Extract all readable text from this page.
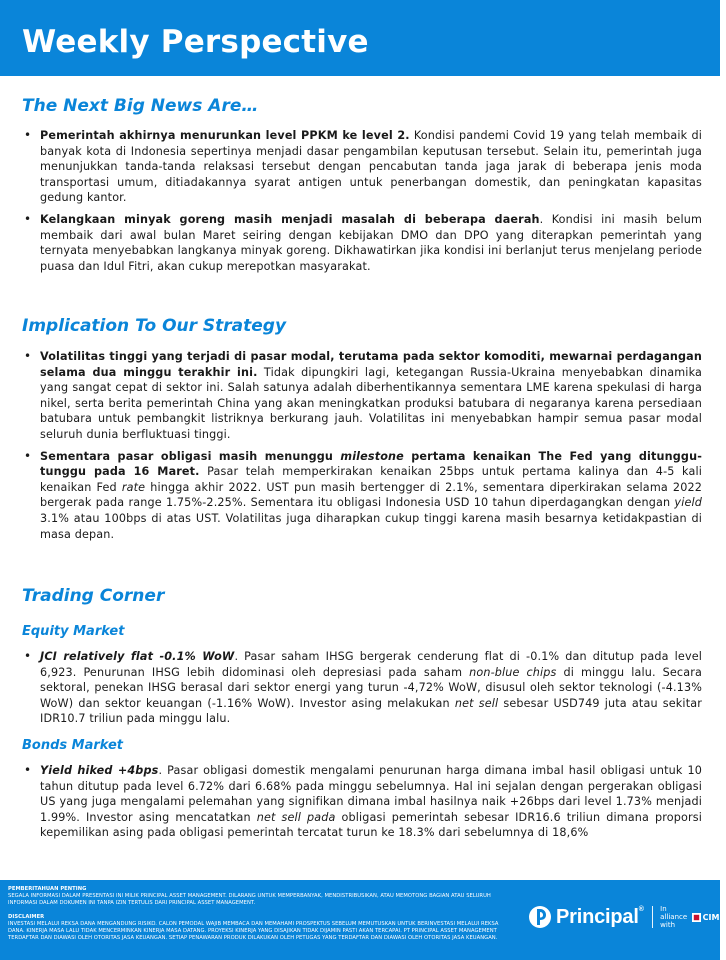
Weekly Perspective
The Next Big News Are…
• Pemerintah akhirnya menurunkan level PPKM ke level 2. Kondisi pandemi Covid 19 yang telah membaik di banyak kota di Indonesia sepertinya menjadi dasar pengambilan keputusan tersebut. Selain itu, pemerintah juga menunjukkan tanda-tanda relaksasi tersebut dengan pencabutan tanda jaga jarak di beberapa jenis moda transportasi umum, ditiadakannya syarat antigen untuk penerbangan domestik, dan peningkatan kapasitas gedung kantor.
• Kelangkaan minyak goreng masih menjadi masalah di beberapa daerah. Kondisi ini masih belum membaik dari awal bulan Maret seiring dengan kebijakan DMO dan DPO yang diterapkan pemerintah yang ternyata menyebabkan langkanya minyak goreng. Dikhawatirkan jika kondisi ini berlanjut terus menjelang periode puasa dan Idul Fitri, akan cukup merepotkan masyarakat.
Implication To Our Strategy
• Volatilitas tinggi yang terjadi di pasar modal, terutama pada sektor komoditi, mewarnai perdagangan selama dua minggu terakhir ini. Tidak dipungkiri lagi, ketegangan Russia-Ukraina menyebabkan dinamika yang sangat cepat di sektor ini. Salah satunya adalah diberhentikannya sementara LME karena spekulasi di harga nikel, serta berita pemerintah China yang akan meningkatkan produksi batubara di negaranya karena persediaan batubara untuk pembangkit listriknya berkurang jauh. Volatilitas ini menyebabkan hampir semua pasar modal seluruh dunia berfluktuasi tinggi.
• Sementara pasar obligasi masih menunggu milestone pertama kenaikan The Fed yang ditunggu-tunggu pada 16 Maret. Pasar telah memperkirakan kenaikan 25bps untuk pertama kalinya dan 4-5 kali kenaikan Fed rate hingga akhir 2022. UST pun masih bertengger di 2.1%, sementara diperkirakan selama 2022 bergerak pada range 1.75%-2.25%. Sementara itu obligasi Indonesia USD 10 tahun diperdagangkan dengan yield 3.1% atau 100bps di atas UST. Volatilitas juga diharapkan cukup tinggi karena masih besarnya ketidakpastian di masa depan.
Trading Corner
Equity Market
• JCI relatively flat -0.1% WoW. Pasar saham IHSG bergerak cenderung flat di -0.1% dan ditutup pada level 6,923. Penurunan IHSG lebih didominasi oleh depresiasi pada saham non-blue chips di minggu lalu. Secara sektoral, penekan IHSG berasal dari sektor energi yang turun -4,72% WoW, disusul oleh sektor teknologi (-4.13% WoW) dan sektor keuangan (-1.16% WoW). Investor asing melakukan net sell sebesar USD749 juta atau sekitar IDR10.7 triliun pada minggu lalu.
Bonds Market
• Yield hiked +4bps. Pasar obligasi domestik mengalami penurunan harga dimana imbal hasil obligasi untuk 10 tahun ditutup pada level 6.72% dari 6.68% pada minggu sebelumnya. Hal ini sejalan dengan pergerakan obligasi US yang juga mengalami pelemahan yang signifikan dimana imbal hasilnya naik +26bps dari level 1.73% menjadi 1.99%. Investor asing mencatatkan net sell pada obligasi pemerintah sebesar IDR16.6 triliun dimana proporsi kepemilikan asing pada obligasi pemerintah tercatat turun ke 18.3% dari sebelumnya di 18,6%
PEMBERITAHUAN PENTING
SEGALA INFORMASI DALAM PRESENTASI INI MILIK PRINCIPAL ASSET MANAGEMENT. DILARANG UNTUK MEMPERBANYAK, MENDISTRIBUSIKAN, ATAU MEMOTONG BAGIAN ATAU SELURUH INFORMASI DALAM DOKUMEN INI TANPA IZIN TERTULIS DARI PRINCIPAL ASSET MANAGEMENT.
DISCLAIMER
INVESTASI MELALUI REKSA DANA MENGANDUNG RISIKO. CALON PEMODAL WAJIB MEMBACA DAN MEMAHAMI PROSPEKTUS SEBELUM MEMUTUSKAN UNTUK BERINVESTASI MELALUI REKSA DANA. KINERJA MASA LALU TIDAK MENCERMINKAN KINERJA MASA DATANG. PROYEKSI KINERJA YANG DISAJIKAN TIDAK DIJAMIN PASTI AKAN TERCAPAI. PT PRINCIPAL ASSET MANAGEMENT TERDAFTAR DAN DIAWASI OLEH OTORITAS JASA KEUANGAN. SETIAP PENAWARAN PRODUK DILAKUKAN OLEH PETUGAS YANG TERDAFTAR DAN DIAWASI OLEH OTORITAS JASA KEUANGAN.
Principal® In alliance with
CIMB
